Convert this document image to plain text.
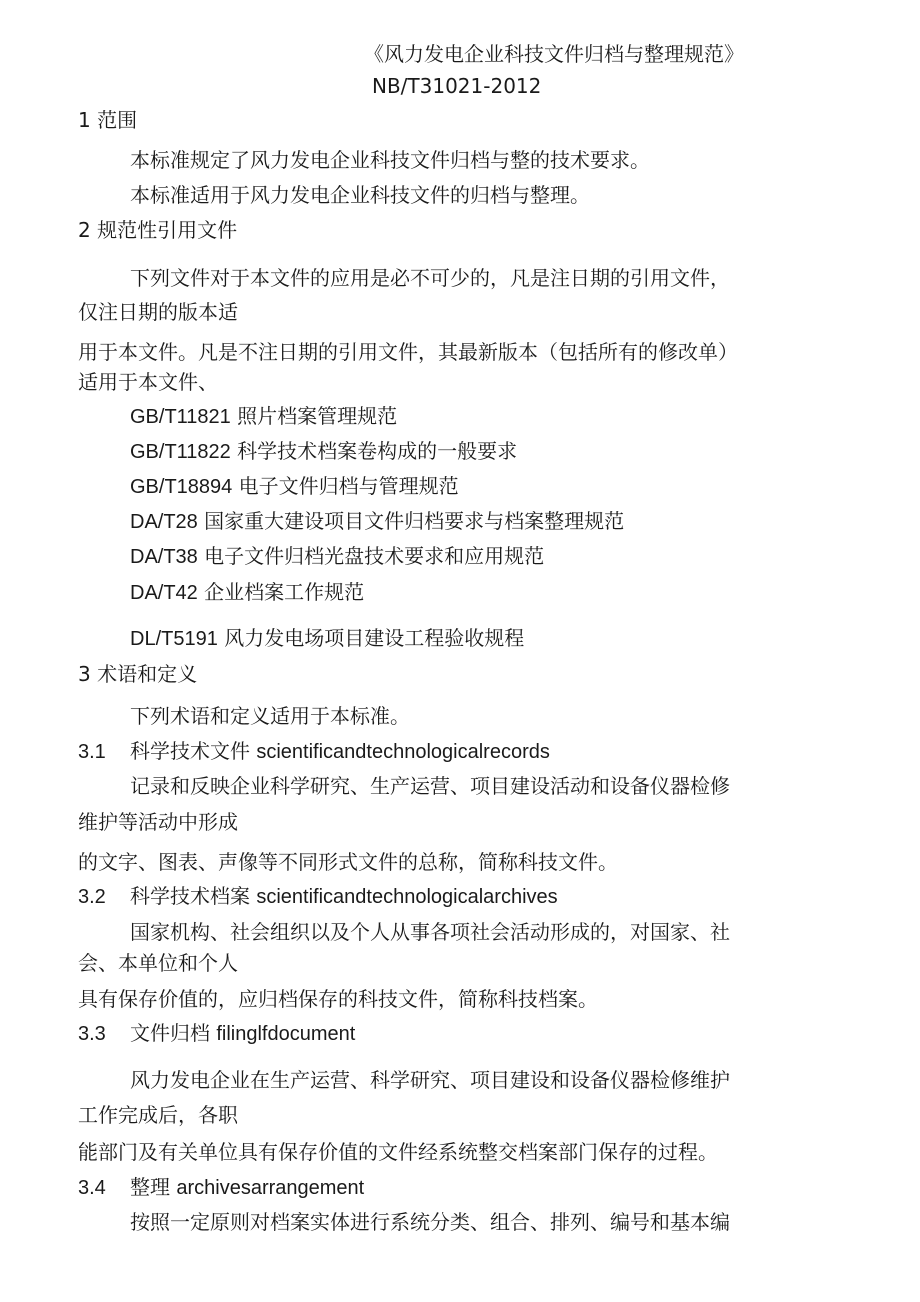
《风力发电企业科技文件归档与整理规范》
NB/T31021-2012
1 范围
本标准规定了风力发电企业科技文件归档与整的技术要求。
本标准适用于风力发电企业科技文件的归档与整理。
2 规范性引用文件
下列文件对于本文件的应用是必不可少的，凡是注日期的引用文件，
仅注日期的版本适
用于本文件。凡是不注日期的引用文件，其最新版本（包括所有的修改单）
适用于本文件、
GB/T11821 照片档案管理规范
GB/T11822 科学技术档案卷构成的一般要求
GB/T18894 电子文件归档与管理规范
DA/T28 国家重大建设项目文件归档要求与档案整理规范
DA/T38 电子文件归档光盘技术要求和应用规范
DA/T42 企业档案工作规范
DL/T5191 风力发电场项目建设工程验收规程
3 术语和定义
下列术语和定义适用于本标准。
3.1 科学技术文件 scientificandtechnologicalrecords
记录和反映企业科学研究、生产运营、项目建设活动和设备仪器检修
维护等活动中形成
的文字、图表、声像等不同形式文件的总称，简称科技文件。
3.2 科学技术档案 scientificandtechnologicalarchives
国家机构、社会组织以及个人从事各项社会活动形成的，对国家、社
会、本单位和个人
具有保存价值的，应归档保存的科技文件，简称科技档案。
3.3 文件归档 filinglfdocument
风力发电企业在生产运营、科学研究、项目建设和设备仪器检修维护
工作完成后，各职
能部门及有关单位具有保存价值的文件经系统整交档案部门保存的过程。
3.4 整理 archivesarrangement
按照一定原则对档案实体进行系统分类、组合、排列、编号和基本编
